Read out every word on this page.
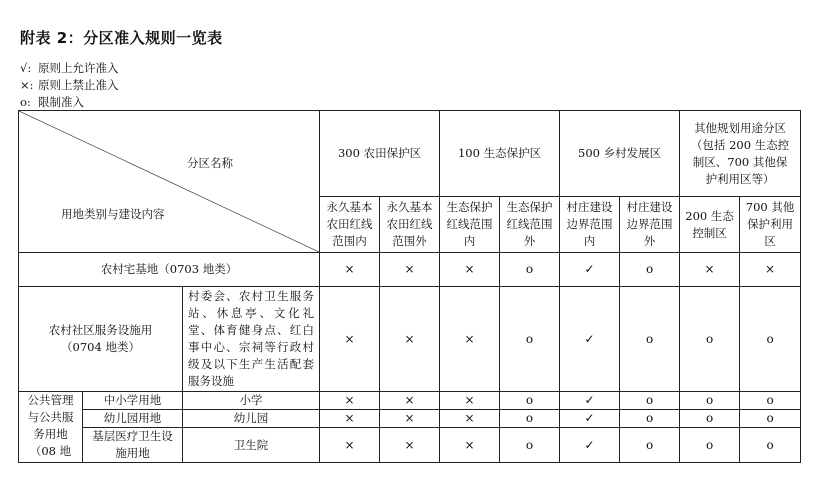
附表 2：分区准入规则一览表
√: 原则上允许准入
×: 原则上禁止准入
o: 限制准入
分区名称
用地类别与建设内容			300 农田保护区		100 生态保护区		500 乡村发展区		其他规划用途分区（包括 200 生态控制区、700 其他保护利用区等）	
			永久基本农田红线范围内	永久基本农田红线范围外	生态保护红线范围内	生态保护红线范围外	村庄建设边界范围内	村庄建设边界范围外	200 生态控制区	700 其他保护利用区
农村宅基地（0703 地类）			×	×	×	o	✓	o	×	×
农村社区服务设施用（0704 地类）		村委会、农村卫生服务站、休息亭、文化礼堂、体育健身点、红白事中心、宗祠等行政村级及以下生产生活配套服务设施	×	×	×	o	✓	o	o	o
公共管理与公共服务用地（08 地	中小学用地	小学	×	×	×	o	✓	o	o	o
	幼儿园用地	幼儿园	×	×	×	o	✓	o	o	o
	基层医疗卫生设施用地	卫生院	×	×	×	o	✓	o	o	o
